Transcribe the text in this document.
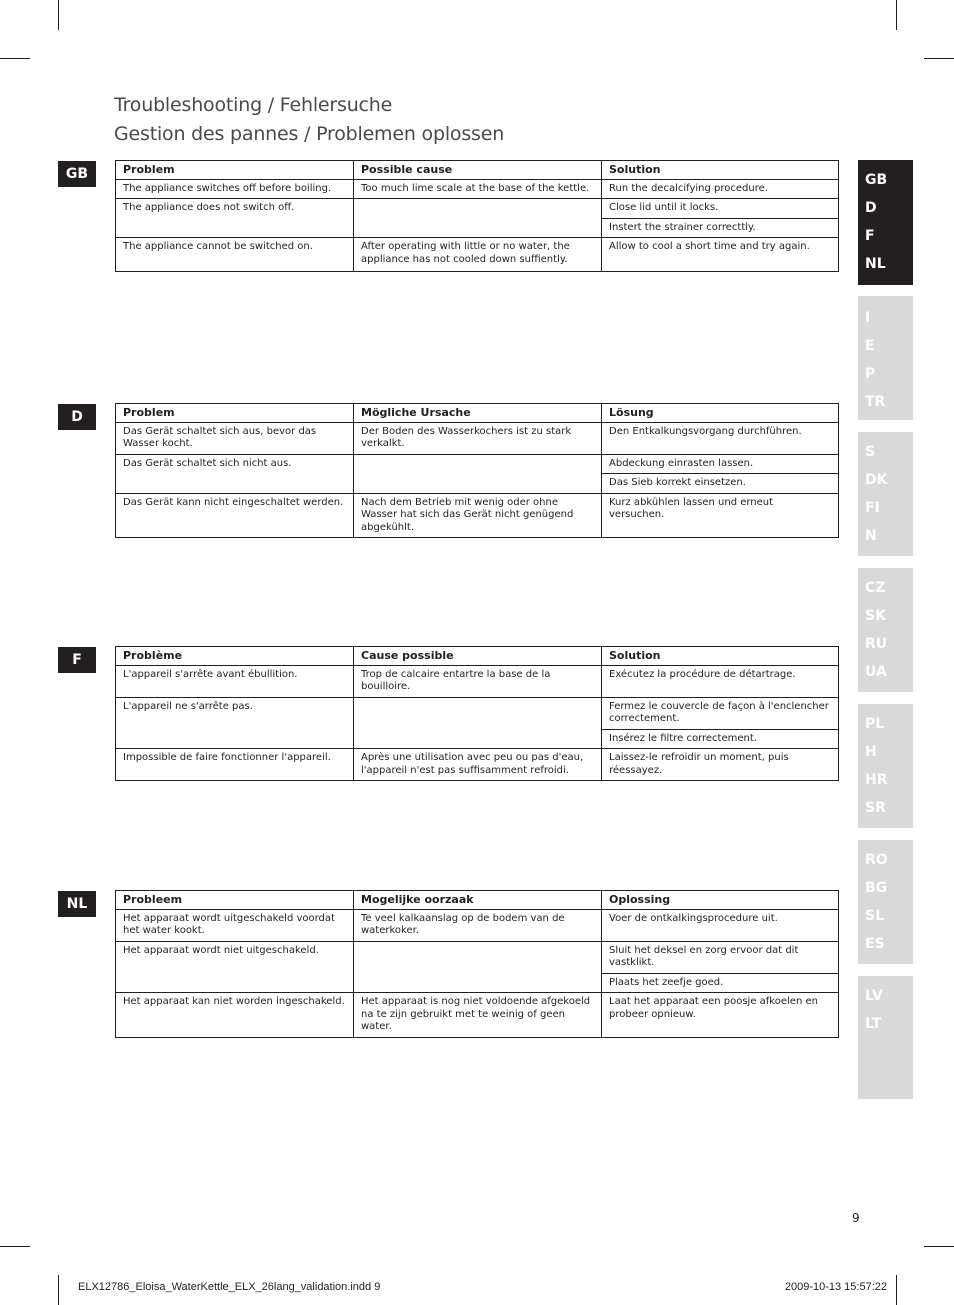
Troubleshooting / Fehlersuche
Gestion des pannes / Problemen oplossen
GB	Problem	Possible cause	Solution
The appliance switches off before boiling.	Too much lime scale at the base of the kettle.	Run the decalcifying procedure.
The appliance does not switch off.		Close lid until it locks.
		Instert the strainer correcttly.
The appliance cannot be switched on.	After operating with little or no water, the appliance has not cooled down suffiently.	Allow to cool a short time and try again.
D	Problem	Mögliche Ursache	Lösung
Das Gerät schaltet sich aus, bevor das Wasser kocht.	Der Boden des Wasserkochers ist zu stark verkalkt.	Den Entkalkungsvorgang durchführen.
Das Gerät schaltet sich nicht aus.		Abdeckung einrasten lassen.
		Das Sieb korrekt einsetzen.
Das Gerät kann nicht eingeschaltet werden.	Nach dem Betrieb mit wenig oder ohne Wasser hat sich das Gerät nicht genügend abgekühlt.	Kurz abkühlen lassen und erneut versuchen.
F	Problème	Cause possible	Solution
L'appareil s'arrête avant ébullition.	Trop de calcaire entartre la base de la bouilloire.	Exécutez la procédure de détartrage.
L'appareil ne s'arrête pas.		Fermez le couvercle de façon à l'enclencher correctement.
		Insérez le filtre correctement.
Impossible de faire fonctionner l'appareil.	Après une utilisation avec peu ou pas d'eau, l'appareil n'est pas suffisamment refroidi.	Laissez-le refroidir un moment, puis réessayez.
NL	Probleem	Mogelijke oorzaak	Oplossing
Het apparaat wordt uitgeschakeld voordat het water kookt.	Te veel kalkaanslag op de bodem van de waterkoker.	Voer de ontkalkingsprocedure uit.
Het apparaat wordt niet uitgeschakeld.		Sluit het deksel en zorg ervoor dat dit vastklikt.
		Plaats het zeefje goed.
Het apparaat kan niet worden ingeschakeld.	Het apparaat is nog niet voldoende afgekoeld na te zijn gebruikt met te weinig of geen water.	Laat het apparaat een poosje afkoelen en probeer opnieuw.
GB
D
F
NL
I
E
P
TR
S
DK
FI
N
CZ
SK
RU
UA
PL
H
HR
SR
RO
BG
SL
ES
LV
LT
9
ELX12786_Eloisa_WaterKettle_ELX_26lang_validation.indd 9	2009-10-13 15:57:22
